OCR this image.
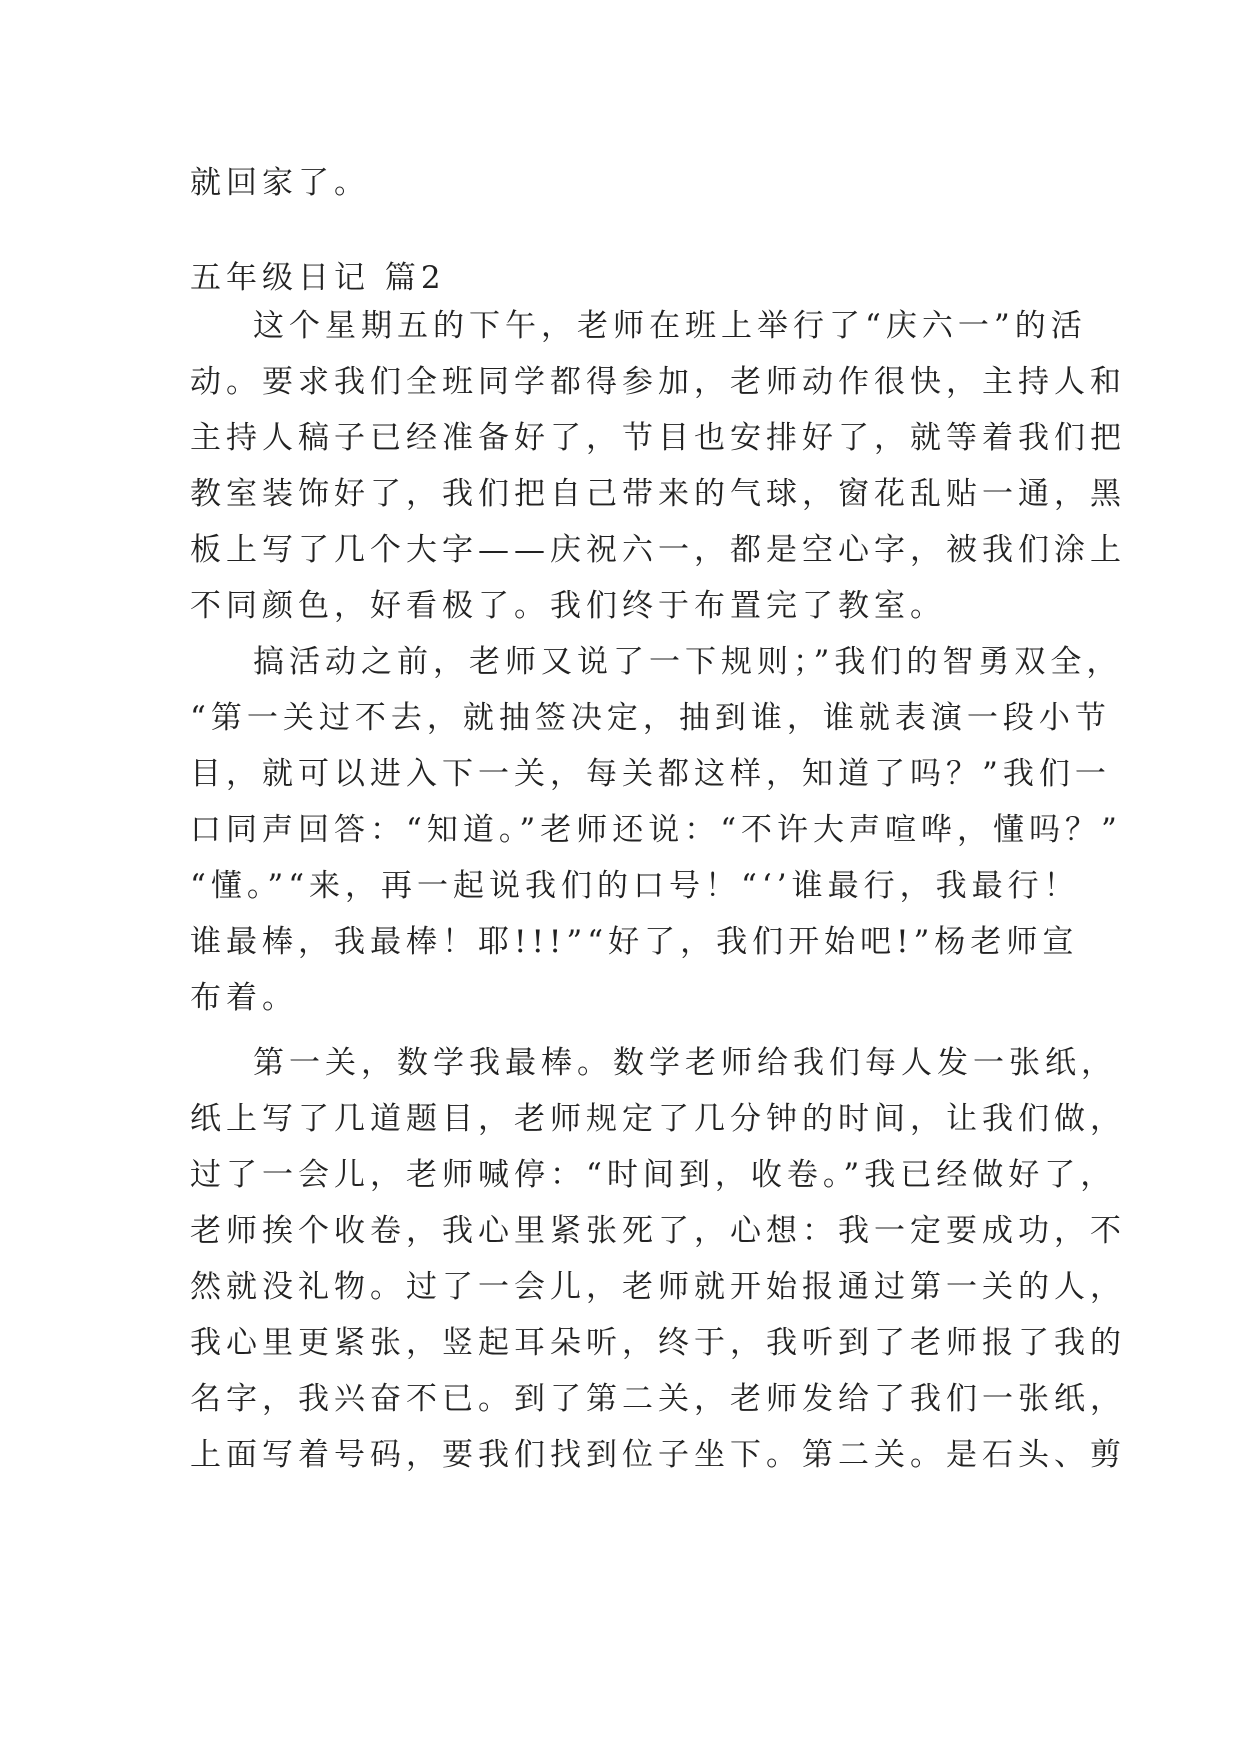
就回家了。

五年级日记 篇2

这个星期五的下午，老师在班上举行了“庆六一”的活

动。要求我们全班同学都得参加，老师动作很快，主持人和

主持人稿子已经准备好了，节目也安排好了，就等着我们把

教室装饰好了，我们把自己带来的气球，窗花乱贴一通，黑

板上写了几个大字——庆祝六一，都是空心字，被我们涂上

不同颜色，好看极了。我们终于布置完了教室。

搞活动之前，老师又说了一下规则；”我们的智勇双全，

“第一关过不去，就抽签决定，抽到谁，谁就表演一段小节

目，就可以进入下一关，每关都这样，知道了吗？”我们一

口同声回答：“知道。”老师还说：“不许大声喧哗，懂吗？”

“懂。”“来，再一起说我们的口号！“‘’谁最行，我最行！

谁最棒，我最棒！耶!!!”“好了，我们开始吧!”杨老师宣

布着。

第一关，数学我最棒。数学老师给我们每人发一张纸，

纸上写了几道题目，老师规定了几分钟的时间，让我们做，

过了一会儿，老师喊停：“时间到，收卷。”我已经做好了，

老师挨个收卷，我心里紧张死了，心想：我一定要成功，不

然就没礼物。过了一会儿，老师就开始报通过第一关的人，

我心里更紧张，竖起耳朵听，终于，我听到了老师报了我的

名字，我兴奋不已。到了第二关，老师发给了我们一张纸，

上面写着号码，要我们找到位子坐下。第二关。是石头、剪
